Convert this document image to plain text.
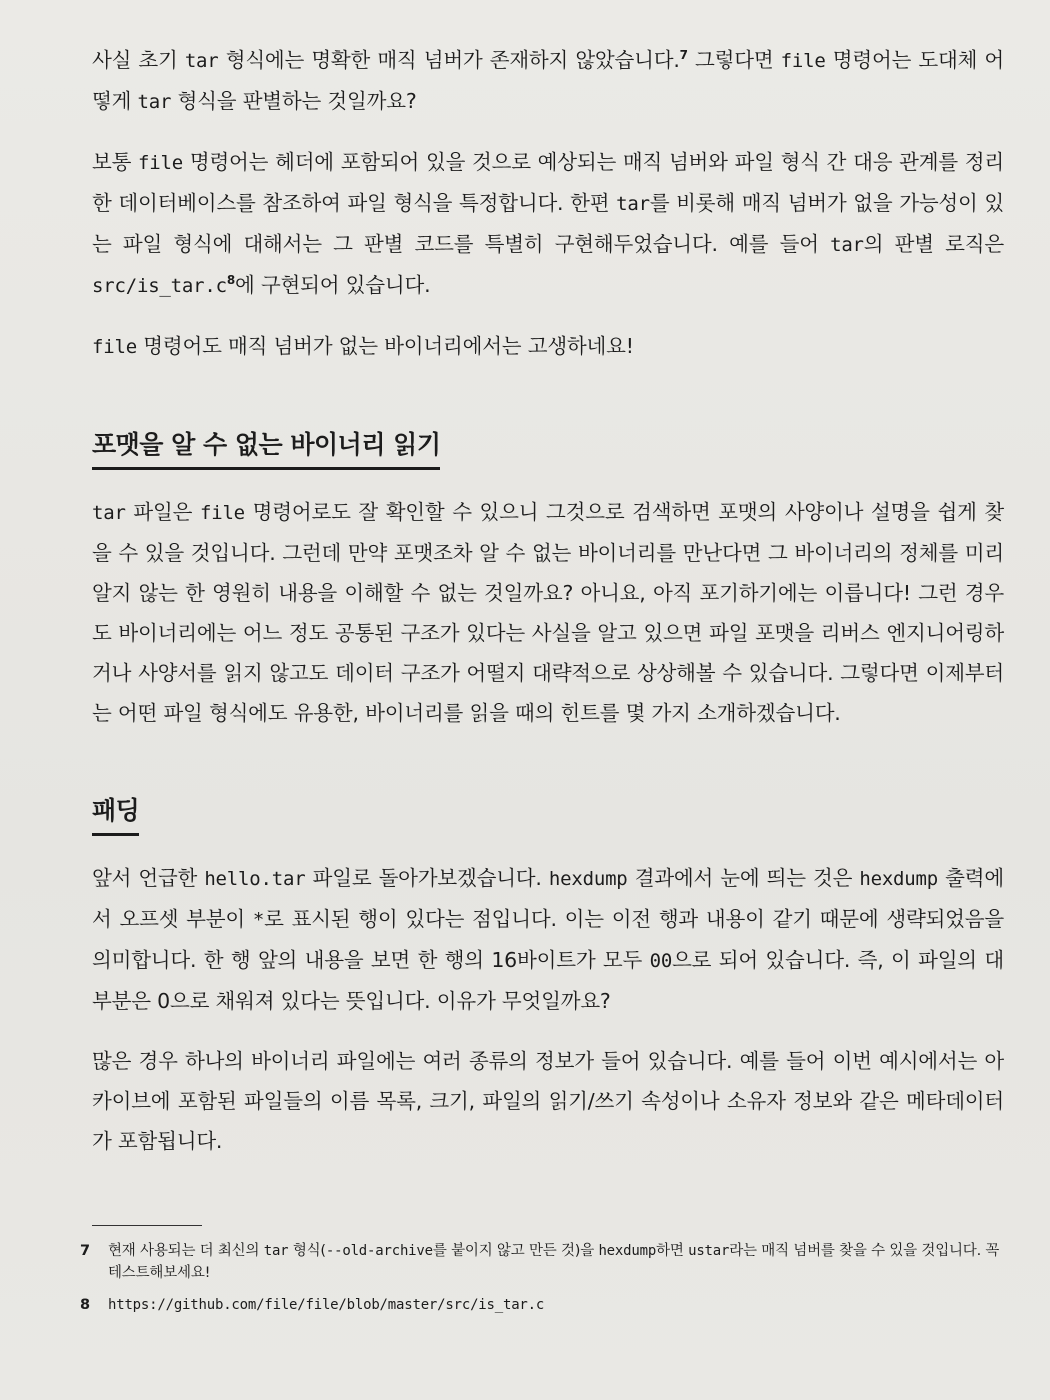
사실 초기 tar 형식에는 명확한 매직 넘버가 존재하지 않았습니다.$^7$ 그렇다면 file 명령어는 도대체 어떻게 tar 형식을 판별하는 것일까요?

보통 file 명령어는 헤더에 포함되어 있을 것으로 예상되는 매직 넘버와 파일 형식 간 대응 관계를 정리한 데이터베이스를 참조하여 파일 형식을 특정합니다. 한편 tar를 비롯해 매직 넘버가 없을 가능성이 있는 파일 형식에 대해서는 그 판별 코드를 특별히 구현해두었습니다. 예를 들어 tar의 판별 로직은 src/$is\_tar.c^8$에 구현되어 있습니다.

file 명령어도 매직 넘버가 없는 바이너리에서는 고생하네요!

포맷을 알 수 없는 바이너리 읽기

tar 파일은 file 명령어로도 잘 확인할 수 있으니 그것으로 검색하면 포맷의 사양이나 설명을 쉽게 찾을 수 있을 것입니다. 그런데 만약 포맷조차 알 수 없는 바이너리를 만난다면 그 바이너리의 정체를 미리 알지 않는 한 영원히 내용을 이해할 수 없는 것일까요? 아니요, 아직 포기하기에는 이릅니다! 그런 경우도 바이너리에는 어느 정도 공통된 구조가 있다는 사실을 알고 있으면 파일 포맷을 리버스 엔지니어링하거나 사양서를 읽지 않고도 데이터 구조가 어떨지 대략적으로 상상해볼 수 있습니다. 그렇다면 이제부터는 어떤 파일 형식에도 유용한, 바이너리를 읽을 때의 힌트를 몇 가지 소개하겠습니다.

패딩

앞서 언급한 hello.tar 파일로 돌아가보겠습니다. hexdump 결과에서 눈에 띄는 것은 hexdump 출력에서 오프셋 부분이 *로 표시된 행이 있다는 점입니다. 이는 이전 행과 내용이 같기 때문에 생략되었음을 의미합니다. 한 행 앞의 내용을 보면 한 행의 16바이트가 모두 00으로 되어 있습니다. 즉, 이 파일의 대부분은 0으로 채워져 있다는 뜻입니다. 이유가 무엇일까요?

많은 경우 하나의 바이너리 파일에는 여러 종류의 정보가 들어 있습니다. 예를 들어 이번 예시에서는 아카이브에 포함된 파일들의 이름 목록, 크기, 파일의 읽기/쓰기 속성이나 소유자 정보와 같은 메타데이터가 포함됩니다.

7	현재 사용되는 더 최신의 tar 형식(--old-archive를 붙이지 않고 만든 것)을 hexdump하면 ustar라는 매직 넘버를 찾을 수 있을 것입니다. 꼭 테스트해보세요!
8	https://github.com/file/file/blob/master/src/is_tar.c
